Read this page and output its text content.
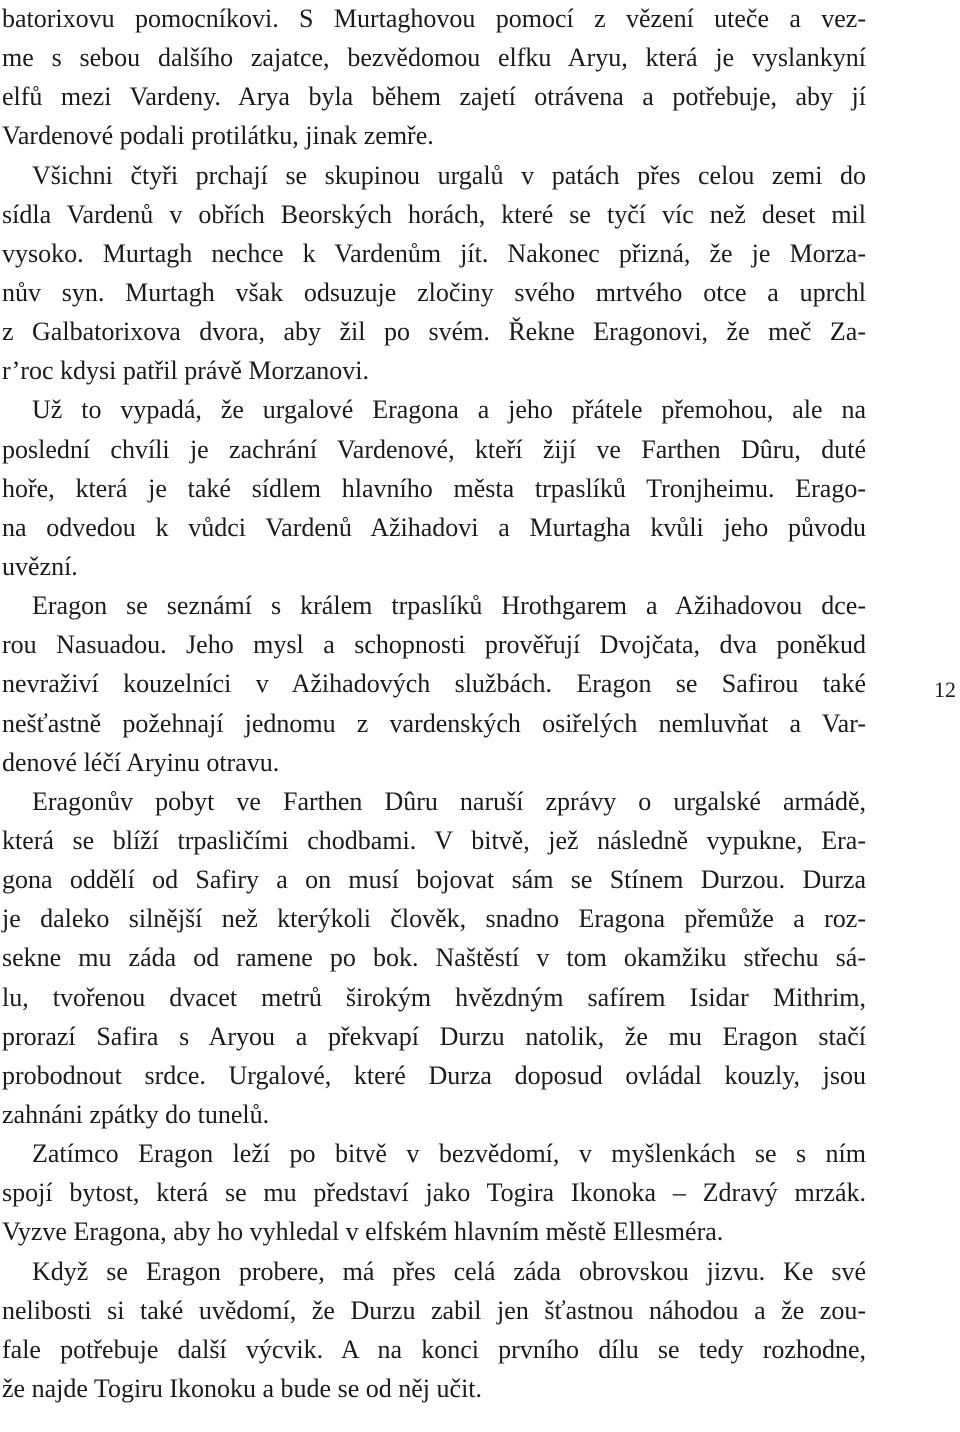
batorixovu pomocníkovi. S Murtaghovou pomocí z vězení uteče a vez-
me s sebou dalšího zajatce, bezvědomou elfku Aryu, která je vyslankyní
elfů mezi Vardeny. Arya byla během zajetí otrávena a potřebuje, aby jí
Vardenové podali protilátku, jinak zemře.
Všichni čtyři prchají se skupinou urgalů v patách přes celou zemi do
sídla Vardenů v obřích Beorských horách, které se tyčí víc než deset mil
vysoko. Murtagh nechce k Vardenům jít. Nakonec přizná, že je Morza-
nův syn. Murtagh však odsuzuje zločiny svého mrtvého otce a uprchl
z Galbatorixova dvora, aby žil po svém. Řekne Eragonovi, že meč Za-
r’roc kdysi patřil právě Morzanovi.
Už to vypadá, že urgalové Eragona a jeho přátele přemohou, ale na
poslední chvíli je zachrání Vardenové, kteří žijí ve Farthen Dûru, duté
hoře, která je také sídlem hlavního města trpaslíků Tronjheimu. Erago-
na odvedou k vůdci Vardenů Ažihadovi a Murtagha kvůli jeho původu
uvězní.
Eragon se seznámí s králem trpaslíků Hrothgarem a Ažihadovou dce-
rou Nasuadou. Jeho mysl a schopnosti prověřují Dvojčata, dva poněkud
nevraživí kouzelníci v Ažihadových službách. Eragon se Safirou také
nešťastně požehnají jednomu z vardenských osiřelých nemluvňat a Var-
denové léčí Aryinu otravu.
Eragonův pobyt ve Farthen Dûru naruší zprávy o urgalské armádě,
která se blíží trpasličími chodbami. V bitvě, jež následně vypukne, Era-
gona oddělí od Safiry a on musí bojovat sám se Stínem Durzou. Durza
je daleko silnější než kterýkoli člověk, snadno Eragona přemůže a roz-
sekne mu záda od ramene po bok. Naštěstí v tom okamžiku střechu sá-
lu, tvořenou dvacet metrů širokým hvězdným safírem Isidar Mithrim,
prorazí Safira s Aryou a překvapí Durzu natolik, že mu Eragon stačí
probodnout srdce. Urgalové, které Durza doposud ovládal kouzly, jsou
zahnáni zpátky do tunelů.
Zatímco Eragon leží po bitvě v bezvědomí, v myšlenkách se s ním
spojí bytost, která se mu představí jako Togira Ikonoka – Zdravý mrzák.
Vyzve Eragona, aby ho vyhledal v elfském hlavním městě Ellesméra.
Když se Eragon probere, má přes celá záda obrovskou jizvu. Ke své
nelibosti si také uvědomí, že Durzu zabil jen šťastnou náhodou a že zou-
fale potřebuje další výcvik. A na konci prvního dílu se tedy rozhodne,
že najde Togiru Ikonoku a bude se od něj učit.
12
